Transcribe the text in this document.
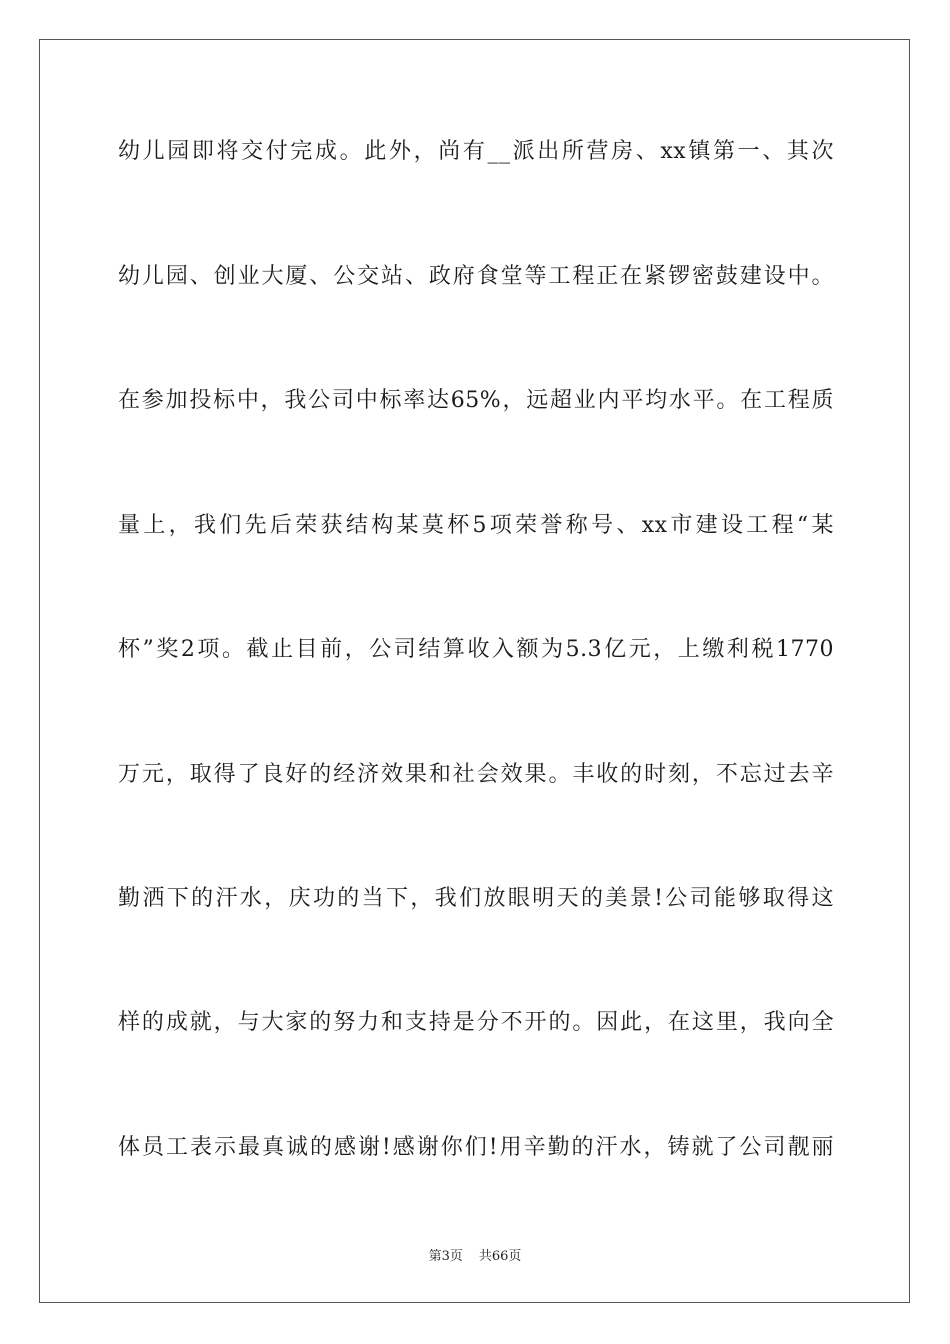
幼儿园即将交付完成。此外，尚有__派出所营房、xx镇第一、其次
幼儿园、创业大厦、公交站、政府食堂等工程正在紧锣密鼓建设中。
在参加投标中，我公司中标率达65%，远超业内平均水平。在工程质
量上，我们先后荣获结构某莫杯5项荣誉称号、xx市建设工程“某
杯”奖2项。截止目前，公司结算收入额为5.3亿元，上缴利税1770
万元，取得了良好的经济效果和社会效果。丰收的时刻，不忘过去辛
勤洒下的汗水，庆功的当下，我们放眼明天的美景!公司能够取得这
样的成就，与大家的努力和支持是分不开的。因此，在这里，我向全
体员工表示最真诚的感谢!感谢你们!用辛勤的汗水，铸就了公司靓丽
第3页 共66页
